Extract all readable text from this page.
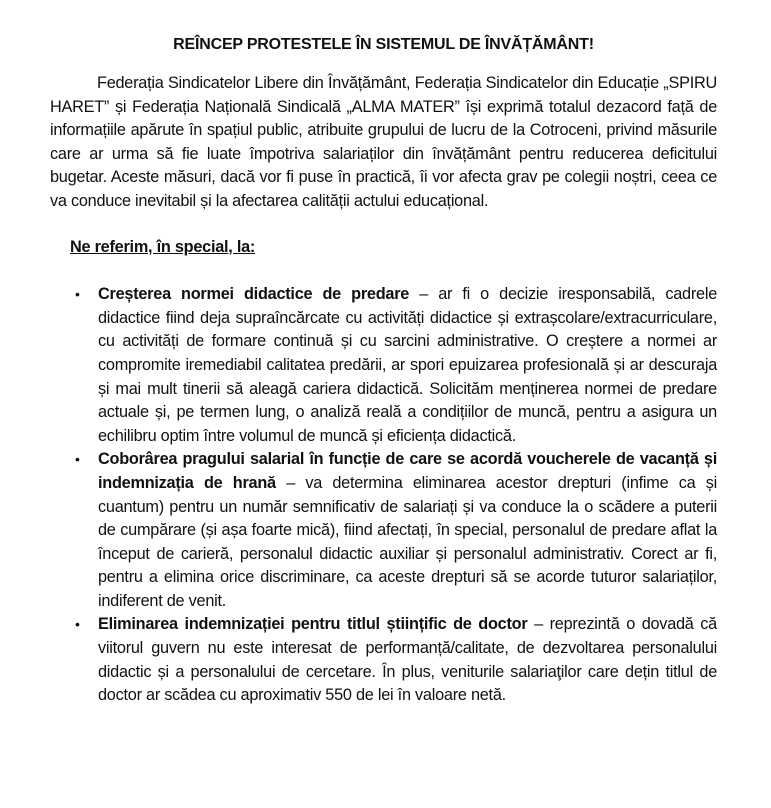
REÎNCEP PROTESTELE ÎN SISTEMUL DE ÎNVĂȚĂMÂNT!

Federația Sindicatelor Libere din Învățământ, Federația Sindicatelor din Educație „SPIRU HARET” și Federația Națională Sindicală „ALMA MATER” își exprimă totalul dezacord față de informațiile apărute în spațiul public, atribuite grupului de lucru de la Cotroceni, privind măsurile care ar urma să fie luate împotriva salariaților din învățământ pentru reducerea deficitului bugetar. Aceste măsuri, dacă vor fi puse în practică, îi vor afecta grav pe colegii noștri, ceea ce va conduce inevitabil și la afectarea calității actului educațional.

Ne referim, în special, la:
• Creșterea normei didactice de predare – ar fi o decizie iresponsabilă, cadrele didactice fiind deja supraîncărcate cu activități didactice și extrașcolare/extracurriculare, cu activități de formare continuă și cu sarcini administrative. O creștere a normei ar compromite iremediabil calitatea predării, ar spori epuizarea profesională și ar descuraja și mai mult tinerii să aleagă cariera didactică. Solicităm menținerea normei de predare actuale și, pe termen lung, o analiză reală a condițiilor de muncă, pentru a asigura un echilibru optim între volumul de muncă și eficiența didactică.
• Coborârea pragului salarial în funcție de care se acordă voucherele de vacanță și indemnizația de hrană – va determina eliminarea acestor drepturi (infime ca și cuantum) pentru un număr semnificativ de salariați și va conduce la o scădere a puterii de cumpărare (și așa foarte mică), fiind afectați, în special, personalul de predare aflat la început de carieră, personalul didactic auxiliar și personalul administrativ. Corect ar fi, pentru a elimina orice discriminare, ca aceste drepturi să se acorde tuturor salariaților, indiferent de venit.
• Eliminarea indemnizației pentru titlul științific de doctor – reprezintă o dovadă că viitorul guvern nu este interesat de performanță/calitate, de dezvoltarea personalului didactic și a personalului de cercetare. În plus, veniturile salariaţilor care dețin titlul de doctor ar scădea cu aproximativ 550 de lei în valoare netă.
